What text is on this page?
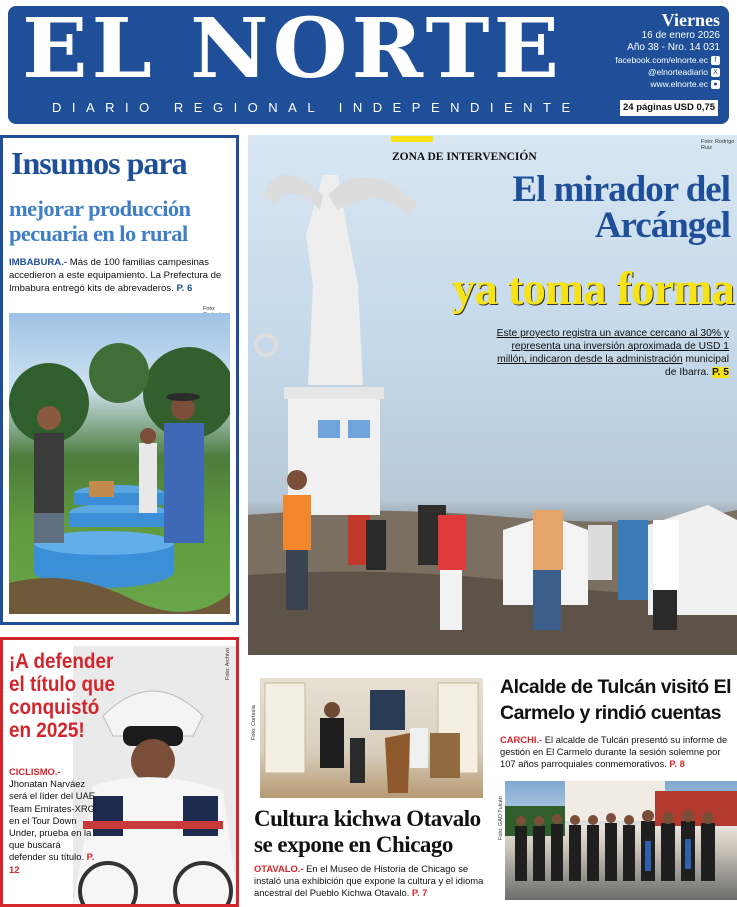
EL NORTE
DIARIO REGIONAL INDEPENDIENTE
Viernes
16 de enero 2026
Año 38 - Nro. 14 031
facebook.com/elnorte.ec f
@elnorteadiario X
www.elnorte.ec ●
24 páginas USD 0,75
Insumos para
mejorar producción pecuaria en lo rural
IMBABURA.- Más de 100 familias campesinas accedieron a este equipamiento. La Prefectura de Imbabura entregó kits de abrevaderos. P. 6
Foto:
Foto: Rodrigo Ruiz
ZONA DE INTERVENCIÓN
El mirador del Arcángel
ya toma forma
Este proyecto registra un avance cercano al 30% y representa una inversión aproximada de USD 1 millón, indicaron desde la administración municipal de Ibarra. P. 5
¡A defender el título que conquistó en 2025!
CICLISMO.- Jhonatan Narváez será el líder del UAE Team Emirates-XRG en el Tour Down Under, prueba en la que buscará defender su título. P. 12
Foto: Archivo
Foto: Cortesía
Cultura kichwa Otavalo se expone en Chicago
OTAVALO.- En el Museo de Historia de Chicago se instaló una exhibición que expone la cultura y el idioma ancestral del Pueblo Kichwa Otavalo. P. 7
Alcalde de Tulcán visitó El Carmelo y rindió cuentas
CARCHI.- El alcalde de Tulcán presentó su informe de gestión en El Carmelo durante la sesión solemne por 107 años parroquiales conmemorativos. P. 8
Foto: GAD Tulcán
